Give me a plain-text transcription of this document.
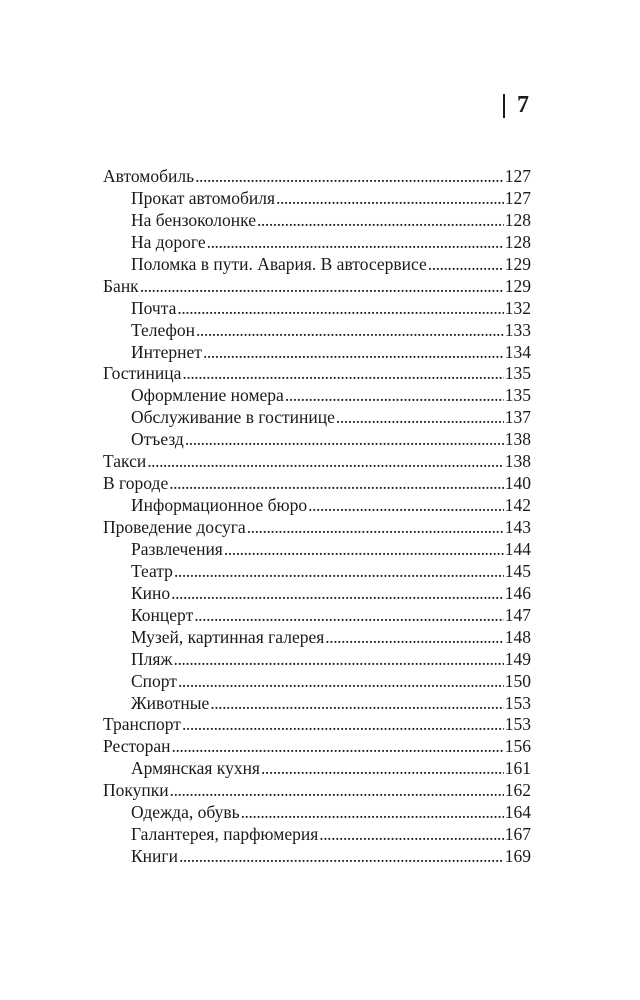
7
Автомобиль . . .	127
Прокат автомобиля . . .	127
На бензоколонке . . .	128
На дороге . . .	128
Поломка в пути. Авария. В автосервисе . . .	129
Банк . . .	129
Почта . . .	132
Телефон . . .	133
Интернет . . .	134
Гостиница . . .	135
Оформление номера . . .	135
Обслуживание в гостинице . . .	137
Отъезд . . .	138
Такси . . .	138
В городе . . .	140
Информационное бюро . . .	142
Проведение досуга . . .	143
Развлечения . . .	144
Театр . . .	145
Кино . . .	146
Концерт . . .	147
Музей, картинная галерея . . .	148
Пляж . . .	149
Спорт . . .	150
Животные . . .	153
Транспорт . . .	153
Ресторан . . .	156
Армянская кухня . . .	161
Покупки . . .	162
Одежда, обувь . . .	164
Галантерея, парфюмерия . . .	167
Книги . . .	169
